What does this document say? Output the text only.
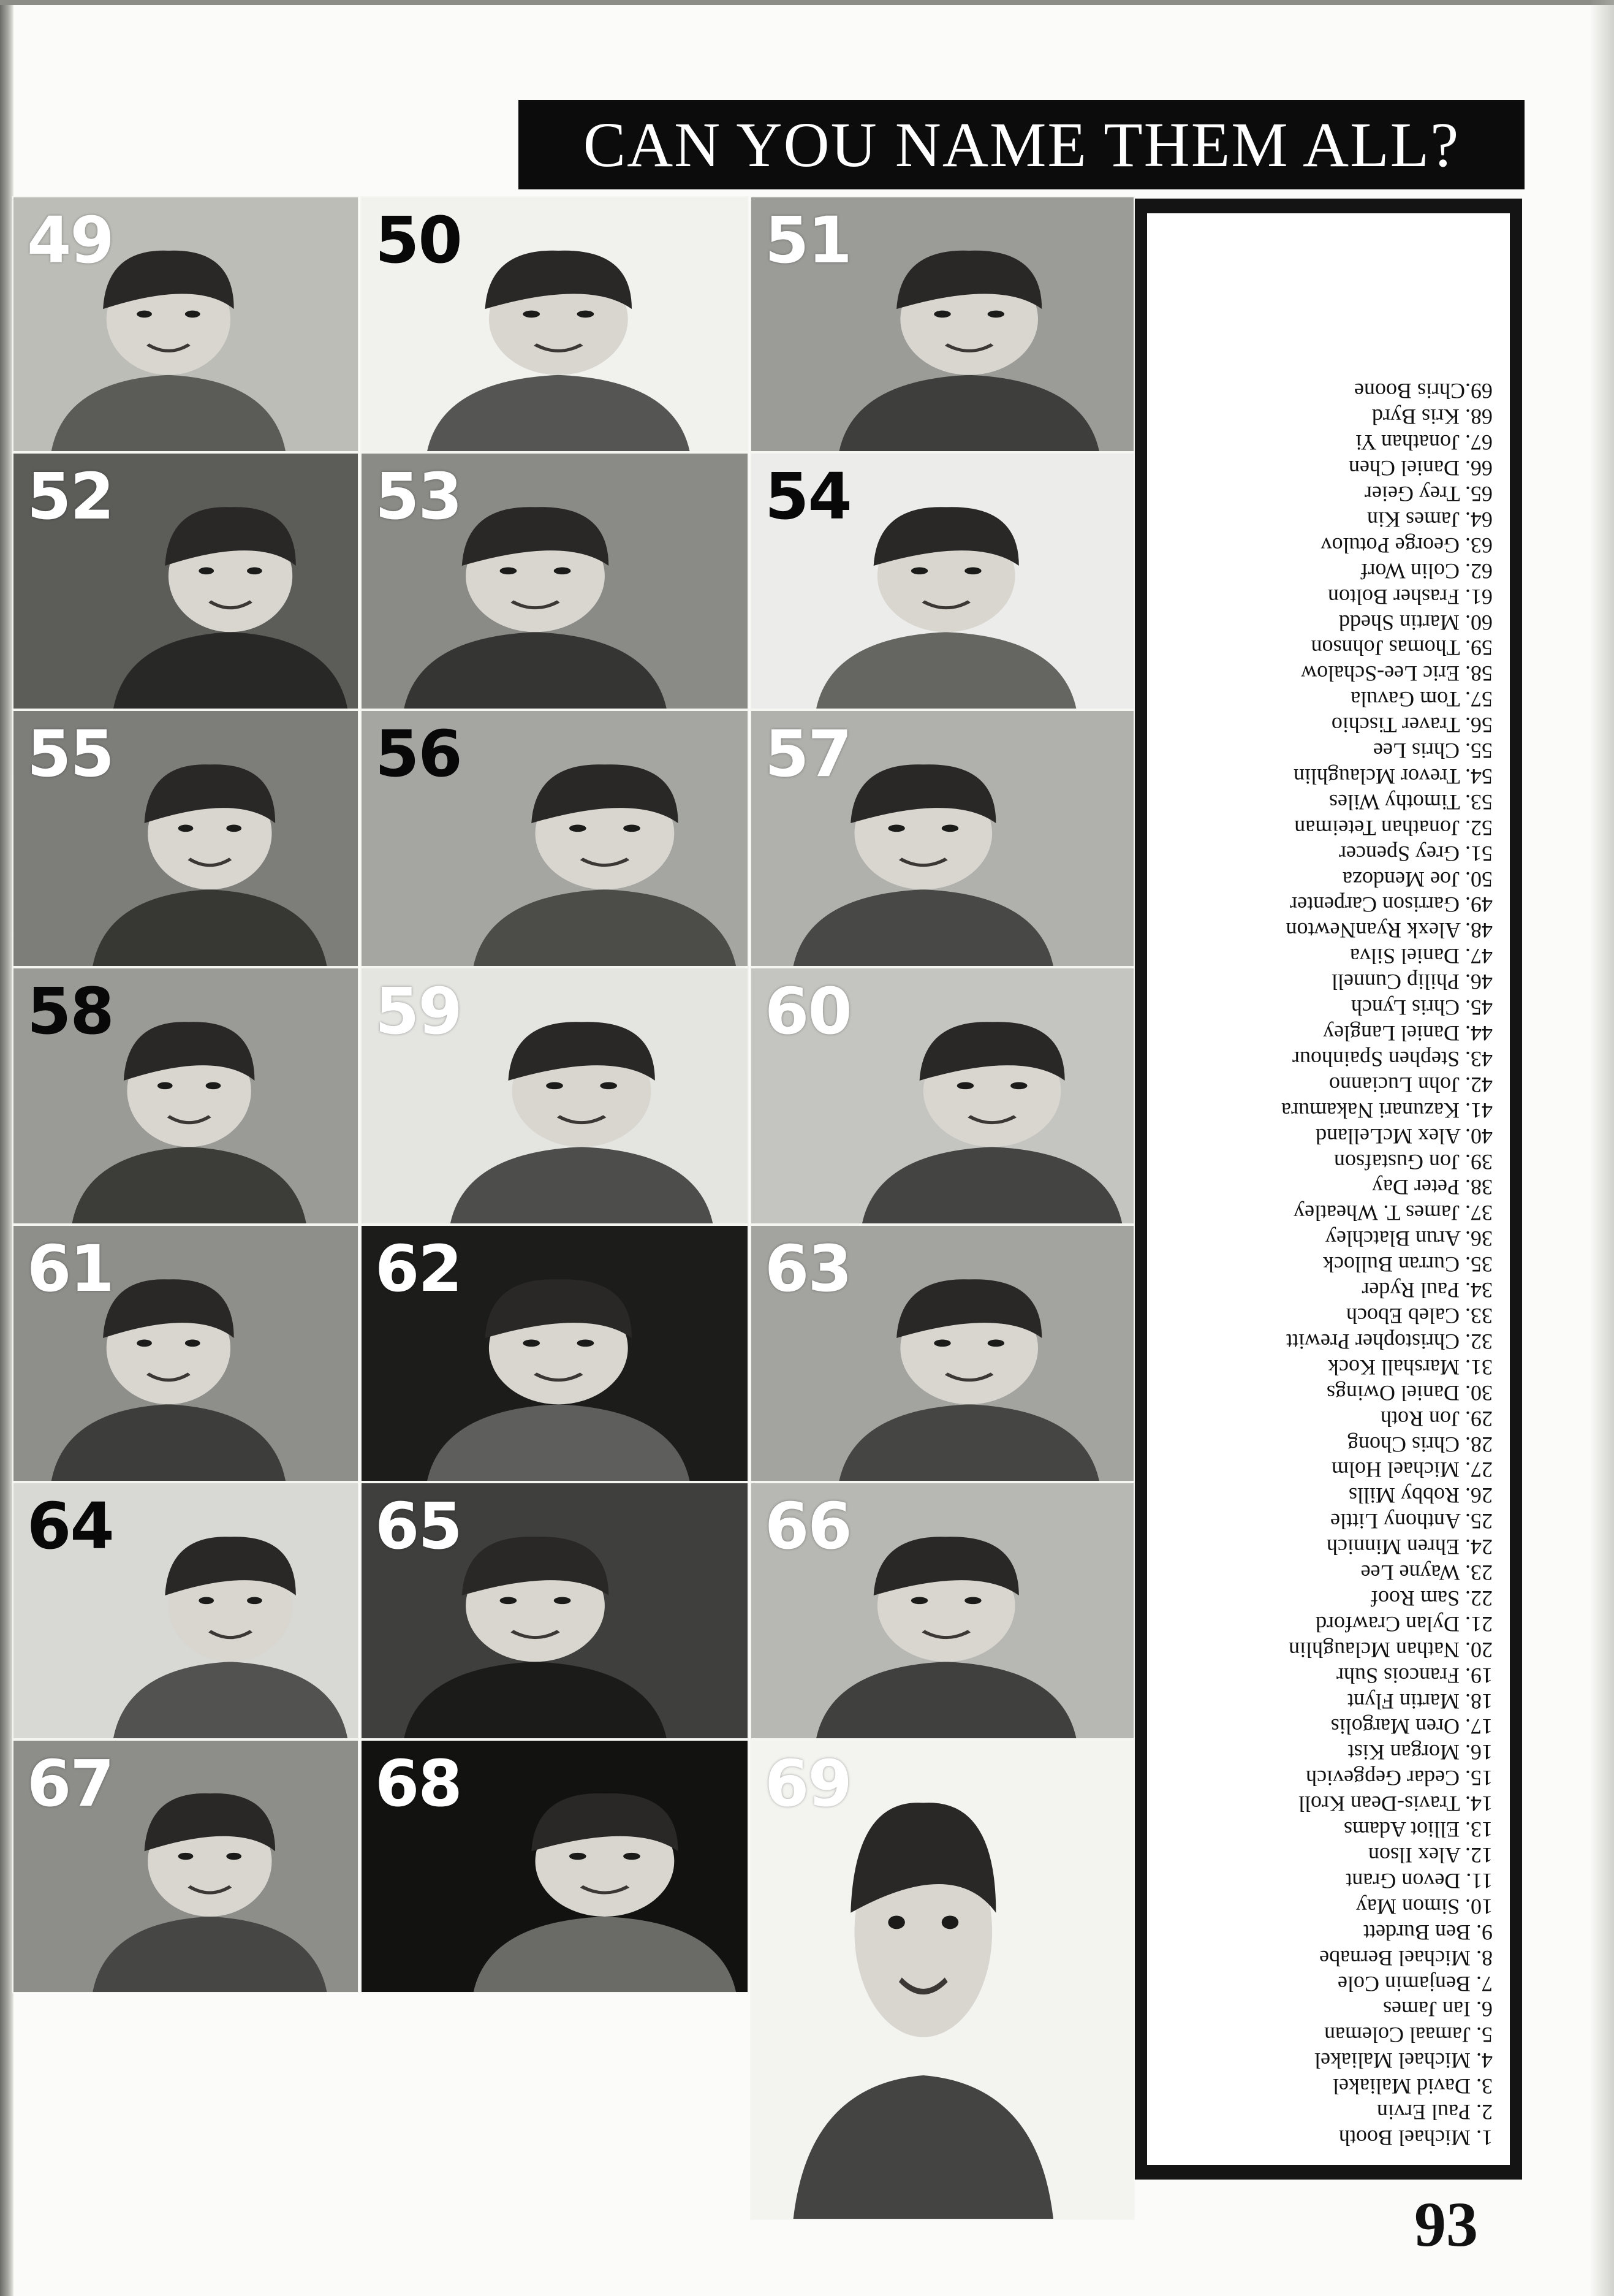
CAN YOU NAME THEM ALL?
49	50	51
52	53	54
55	56	57
58	59	60
61	62	63
64	65	66
67	68	69
1. Michael Booth
2. Paul Ervin
3. David Maliakel
4. Michael Maliakel
5. Jamaal Coleman
6. Ian James
7. Benjamin Cole
8. Michael Bernabe
9. Ben Burdett
10. Simon May
11. Devon Grant
12. Alex Ilson
13. Elliot Adams
14. Travis-Dean Kroll
15. Cedar Gepgevich
16. Morgan Kist
17. Oren Margolis
18. Martin Flynt
19. Francois Suhr
20. Nathan Mclaughlin
21. Dylan Crawford
22. Sam Roof
23. Wayne Lee
24. Ehren Minnich
25. Anthony Little
26. Robby Mills
27. Michael Holm
28. Chris Chong
29. Jon Roth
30. Daniel Owings
31. Marshall Kock
32. Christopher Prewitt
33. Caleb Eboch
34. Paul Ryder
35. Curran Bullock
36. Arun Blatchley
37. James T. Wheatley
38. Peter Day
39. Jon Gustafson
40. Alex McLelland
41. Kazunari Nakamura
42. John Lucianno
43. Stephen Spainhour
44. Daniel Langley
45. Chris Lynch
46. Philip Cunnell
47. Daniel Silva
48. Alexk RyanNewton
49. Garrison Carpenter
50. Joe Mendoza
51. Grey Spencer
52. Jonathan Teteiman
53. Timothy Wiles
54. Trevor Mclaughlin
55. Chris Lee
56. Traver Tischio
57. Tom Gavula
58. Eric Lee-Schalow
59. Thomas Johnson
60. Martin Shedd
61. Frasher Bolton
62. Colin Worf
63. George Potulov
64. James Kin
65. Trey Geier
66. Daniel Chen
67. Jonathan Yi
68. Kris Byrd
69.Chris Boone
93
